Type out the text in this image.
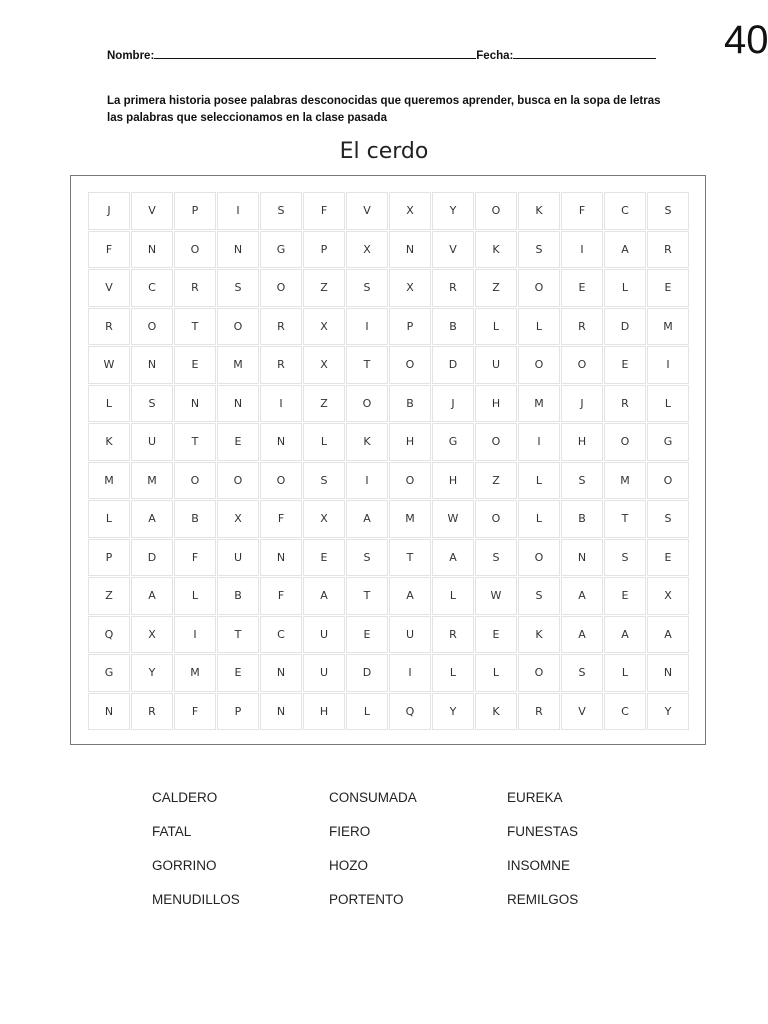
40
Nombre:	Fecha:
La primera historia posee palabras desconocidas que queremos aprender, busca en la sopa de letras las palabras que seleccionamos en la clase pasada
El cerdo
J	V	P	I	S	F	V	X	Y	O	K	F	C	S
F	N	O	N	G	P	X	N	V	K	S	I	A	R
V	C	R	S	O	Z	S	X	R	Z	O	E	L	E
R	O	T	O	R	X	I	P	B	L	L	R	D	M
W	N	E	M	R	X	T	O	D	U	O	O	E	I
L	S	N	N	I	Z	O	B	J	H	M	J	R	L
K	U	T	E	N	L	K	H	G	O	I	H	O	G
M	M	O	O	O	S	I	O	H	Z	L	S	M	O
L	A	B	X	F	X	A	M	W	O	L	B	T	S
P	D	F	U	N	E	S	T	A	S	O	N	S	E
Z	A	L	B	F	A	T	A	L	W	S	A	E	X
Q	X	I	T	C	U	E	U	R	E	K	A	A	A
G	Y	M	E	N	U	D	I	L	L	O	S	L	N
N	R	F	P	N	H	L	Q	Y	K	R	V	C	Y
CALDERO	CONSUMADA	EUREKA
FATAL	FIERO	FUNESTAS
GORRINO	HOZO	INSOMNE
MENUDILLOS	PORTENTO	REMILGOS
